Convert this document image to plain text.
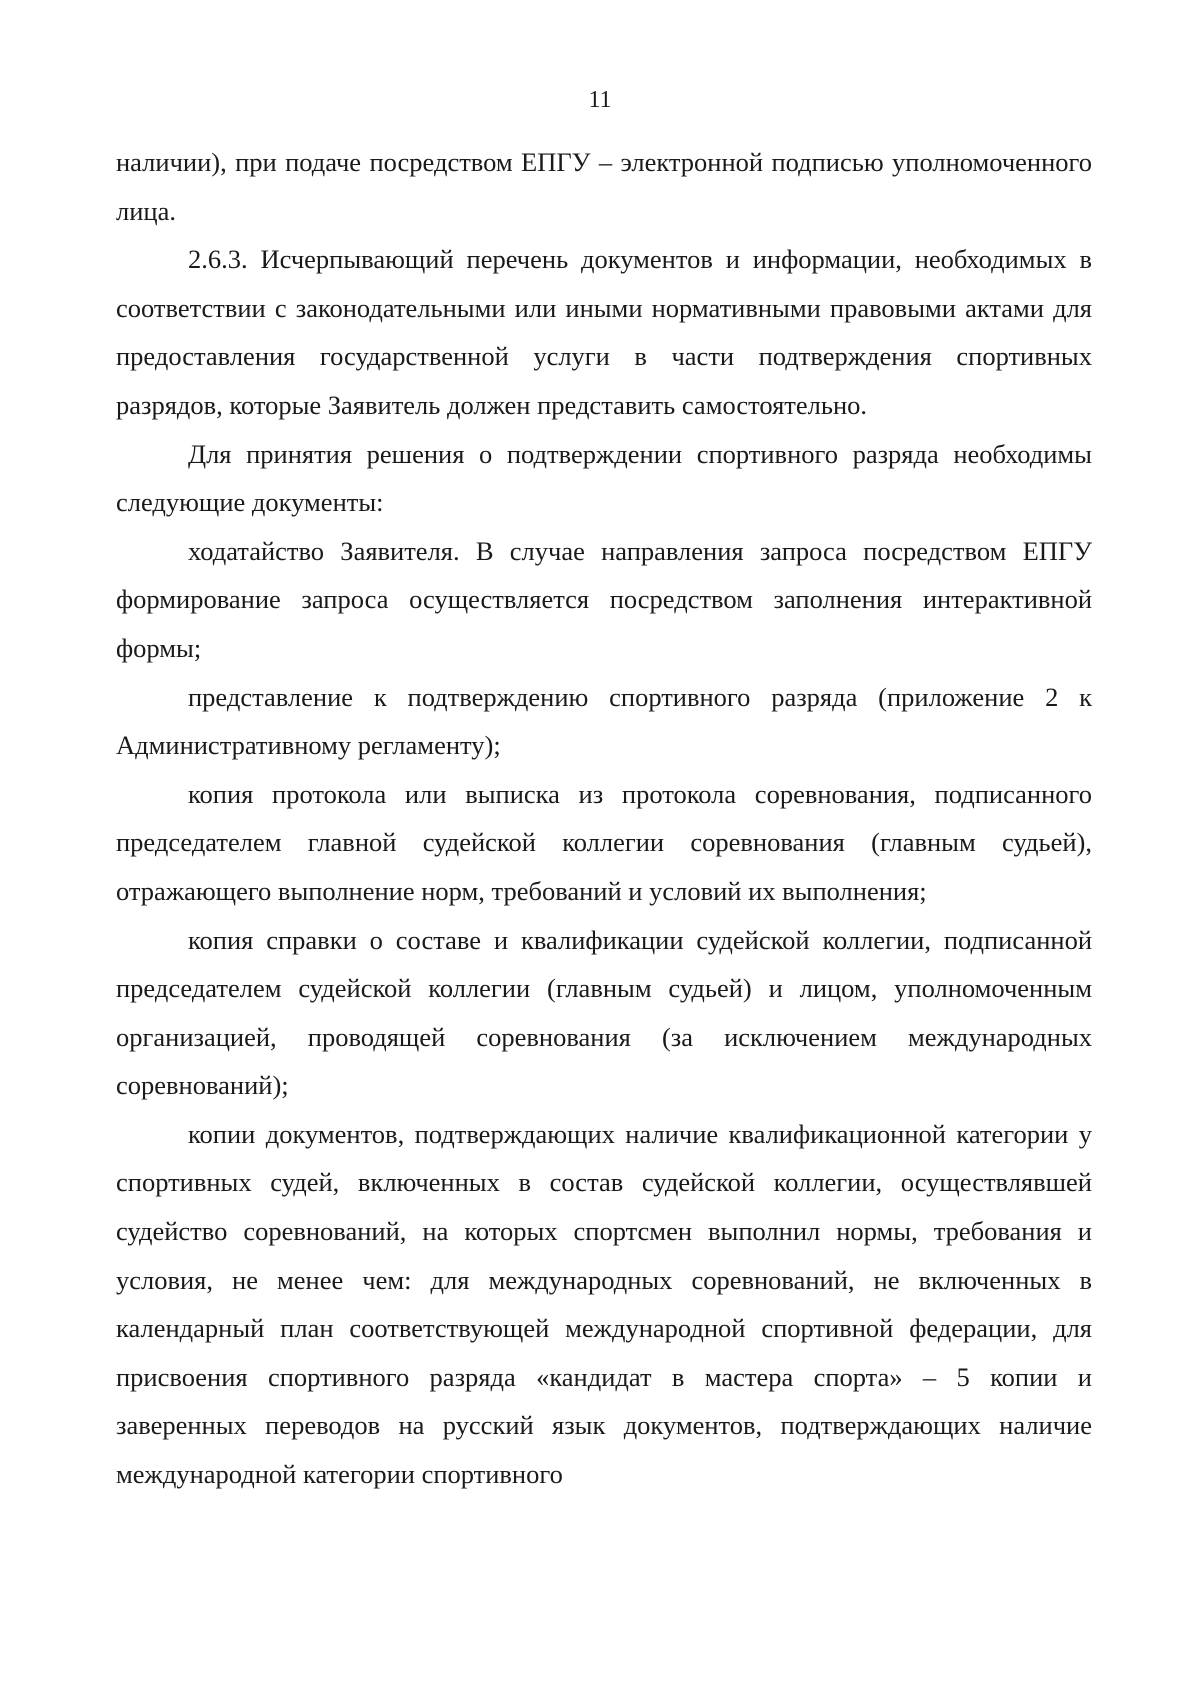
11

наличии), при подаче посредством ЕПГУ – электронной подписью уполномоченного лица.

2.6.3. Исчерпывающий перечень документов и информации, необходимых в соответствии с законодательными или иными нормативными правовыми актами для предоставления государственной услуги в части подтверждения спортивных разрядов, которые Заявитель должен представить самостоятельно.

Для принятия решения о подтверждении спортивного разряда необходимы следующие документы:

ходатайство Заявителя. В случае направления запроса посредством ЕПГУ формирование запроса осуществляется посредством заполнения интерактивной формы;

представление к подтверждению спортивного разряда (приложение 2 к Административному регламенту);

копия протокола или выписка из протокола соревнования, подписанного председателем главной судейской коллегии соревнования (главным судьей), отражающего выполнение норм, требований и условий их выполнения;

копия справки о составе и квалификации судейской коллегии, подписанной председателем судейской коллегии (главным судьей) и лицом, уполномоченным организацией, проводящей соревнования (за исключением международных соревнований);

копии документов, подтверждающих наличие квалификационной категории у спортивных судей, включенных в состав судейской коллегии, осуществлявшей судейство соревнований, на которых спортсмен выполнил нормы, требования и условия, не менее чем: для международных соревнований, не включенных в календарный план соответствующей международной спортивной федерации, для присвоения спортивного разряда «кандидат в мастера спорта» – 5 копии и заверенных переводов на русский язык документов, подтверждающих наличие международной категории спортивного
